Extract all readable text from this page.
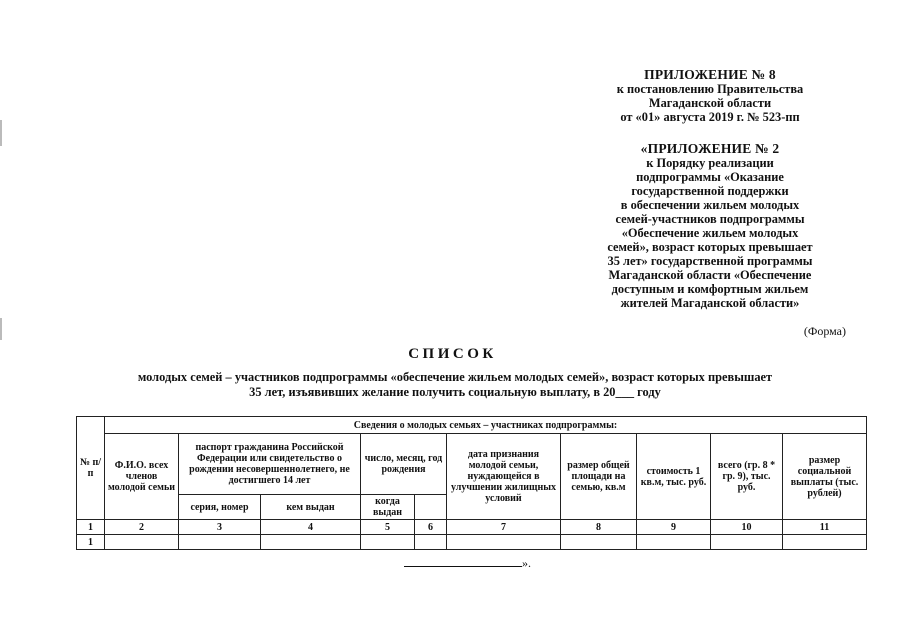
ПРИЛОЖЕНИЕ № 8
к постановлению Правительства
Магаданской области
от «01» августа 2019 г. № 523-пп
«ПРИЛОЖЕНИЕ № 2
к Порядку реализации
подпрограммы «Оказание
государственной поддержки
в обеспечении жильем молодых
семей-участников подпрограммы
«Обеспечение жильем молодых
семей», возраст которых превышает
35 лет» государственной программы
Магаданской области «Обеспечение
доступным и комфортным жильем
жителей Магаданской области»
(Форма)
СПИСОК
молодых семей – участников подпрограммы «обеспечение жильем молодых семей», возраст которых превышает
35 лет, изъявивших желание получить социальную выплату, в 20___ году
№ п/п	Сведения о молодых семьях – участниках подпрограммы:									
	Ф.И.О. всех членов молодой семьи	паспорт гражданина Российской Федерации или свидетельство о рождении несовершеннолетнего, не достигшего 14 лет		число, месяц, год рождения		дата признания молодой семьи, нуждающейся в улучшении жилищных условий	размер общей площади на семью, кв.м	стоимость 1 кв.м, тыс. руб.	всего (гр. 8 * гр. 9), тыс. руб.	размер социальной выплаты (тыс. рублей)
		серия, номер	кем выдан	когда выдан						
1	2	3	4	5	6	7	8	9	10	11
1										
».
